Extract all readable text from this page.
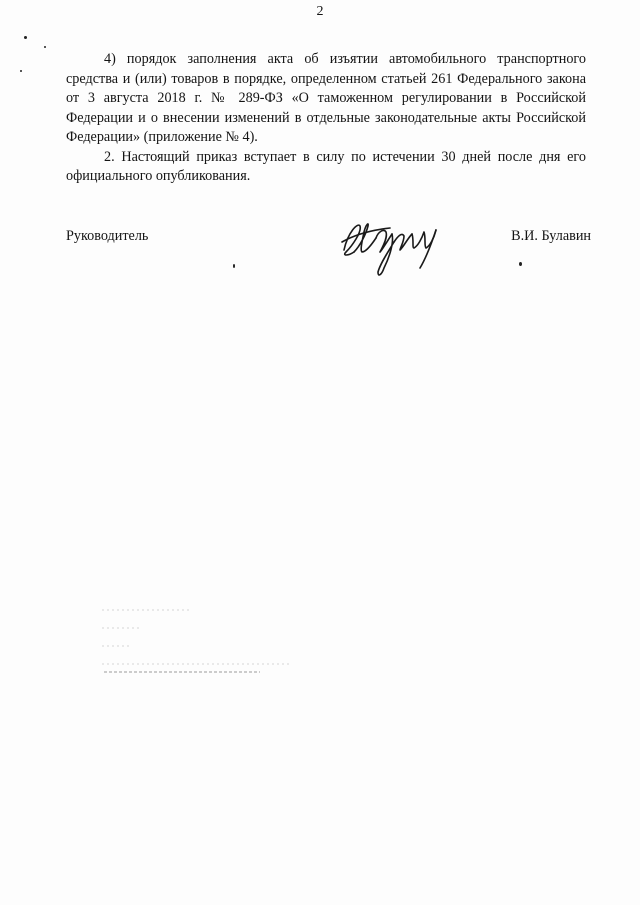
2

4) порядок заполнения акта об изъятии автомобильного транспортного средства и (или) товаров в порядке, определенном статьей 261 Федерального закона от 3 августа 2018 г. № 289-ФЗ «О таможенном регулировании в Российской Федерации и о внесении изменений в отдельные законодательные акты Российской Федерации» (приложение № 4).

2. Настоящий приказ вступает в силу по истечении 30 дней после дня его официального опубликования.

Руководитель	В.И. Булавин
